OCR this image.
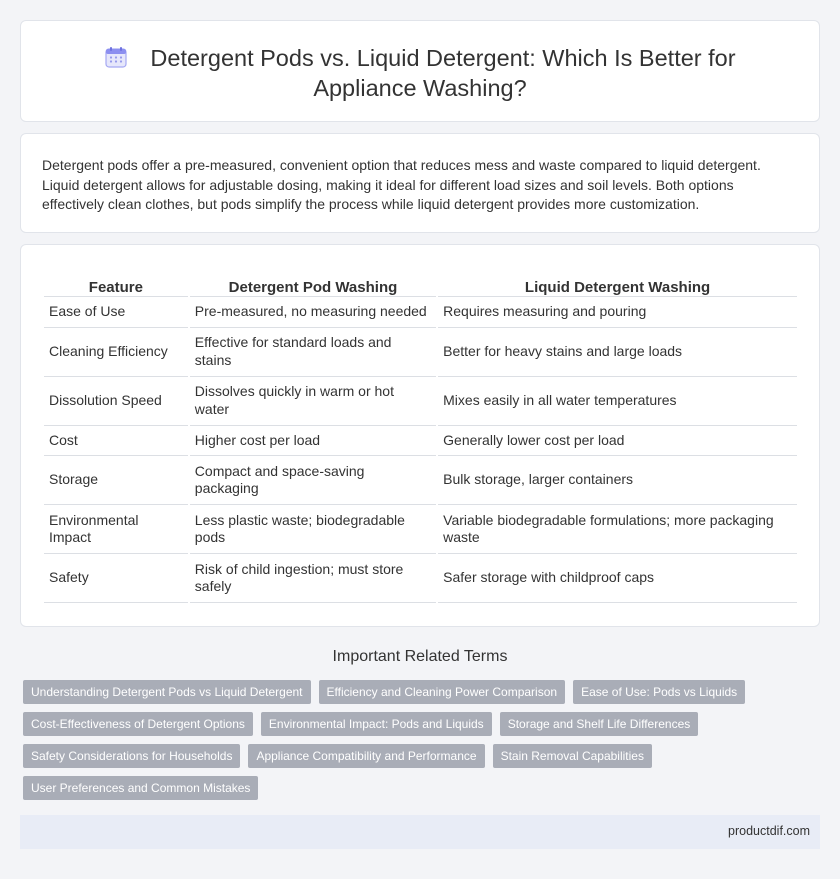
Detergent Pods vs. Liquid Detergent: Which Is Better for Appliance Washing?

Detergent pods offer a pre-measured, convenient option that reduces mess and waste compared to liquid detergent. Liquid detergent allows for adjustable dosing, making it ideal for different load sizes and soil levels. Both options effectively clean clothes, but pods simplify the process while liquid detergent provides more customization.

Feature	Detergent Pod Washing	Liquid Detergent Washing
Ease of Use	Pre-measured, no measuring needed	Requires measuring and pouring
Cleaning Efficiency	Effective for standard loads and stains	Better for heavy stains and large loads
Dissolution Speed	Dissolves quickly in warm or hot water	Mixes easily in all water temperatures
Cost	Higher cost per load	Generally lower cost per load
Storage	Compact and space-saving packaging	Bulk storage, larger containers
Environmental Impact	Less plastic waste; biodegradable pods	Variable biodegradable formulations; more packaging waste
Safety	Risk of child ingestion; must store safely	Safer storage with childproof caps
Important Related Terms
Understanding Detergent Pods vs Liquid Detergent	Efficiency and Cleaning Power Comparison	Ease of Use: Pods vs Liquids
Cost-Effectiveness of Detergent Options	Environmental Impact: Pods and Liquids	Storage and Shelf Life Differences
Safety Considerations for Households	Appliance Compatibility and Performance	Stain Removal Capabilities
User Preferences and Common Mistakes
productdif.com
